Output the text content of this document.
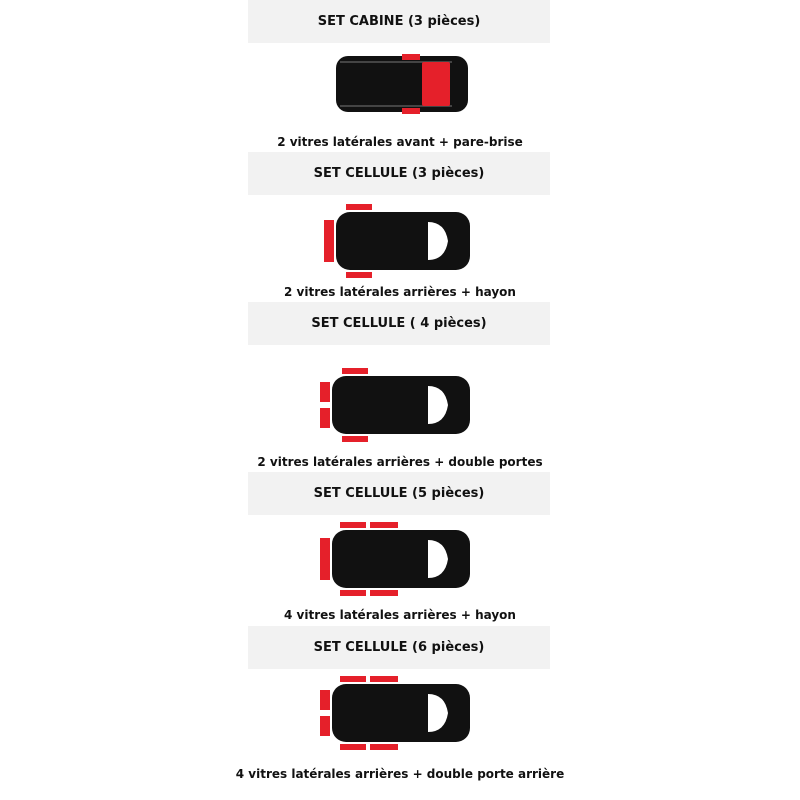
SET CABINE (3 pièces)
2 vitres latérales avant + pare-brise
SET CELLULE (3 pièces)
2 vitres latérales arrières + hayon
SET CELLULE ( 4 pièces)
2 vitres latérales arrières + double portes
SET CELLULE (5 pièces)
4 vitres latérales arrières + hayon
SET CELLULE (6 pièces)
4 vitres latérales arrières + double porte arrière
